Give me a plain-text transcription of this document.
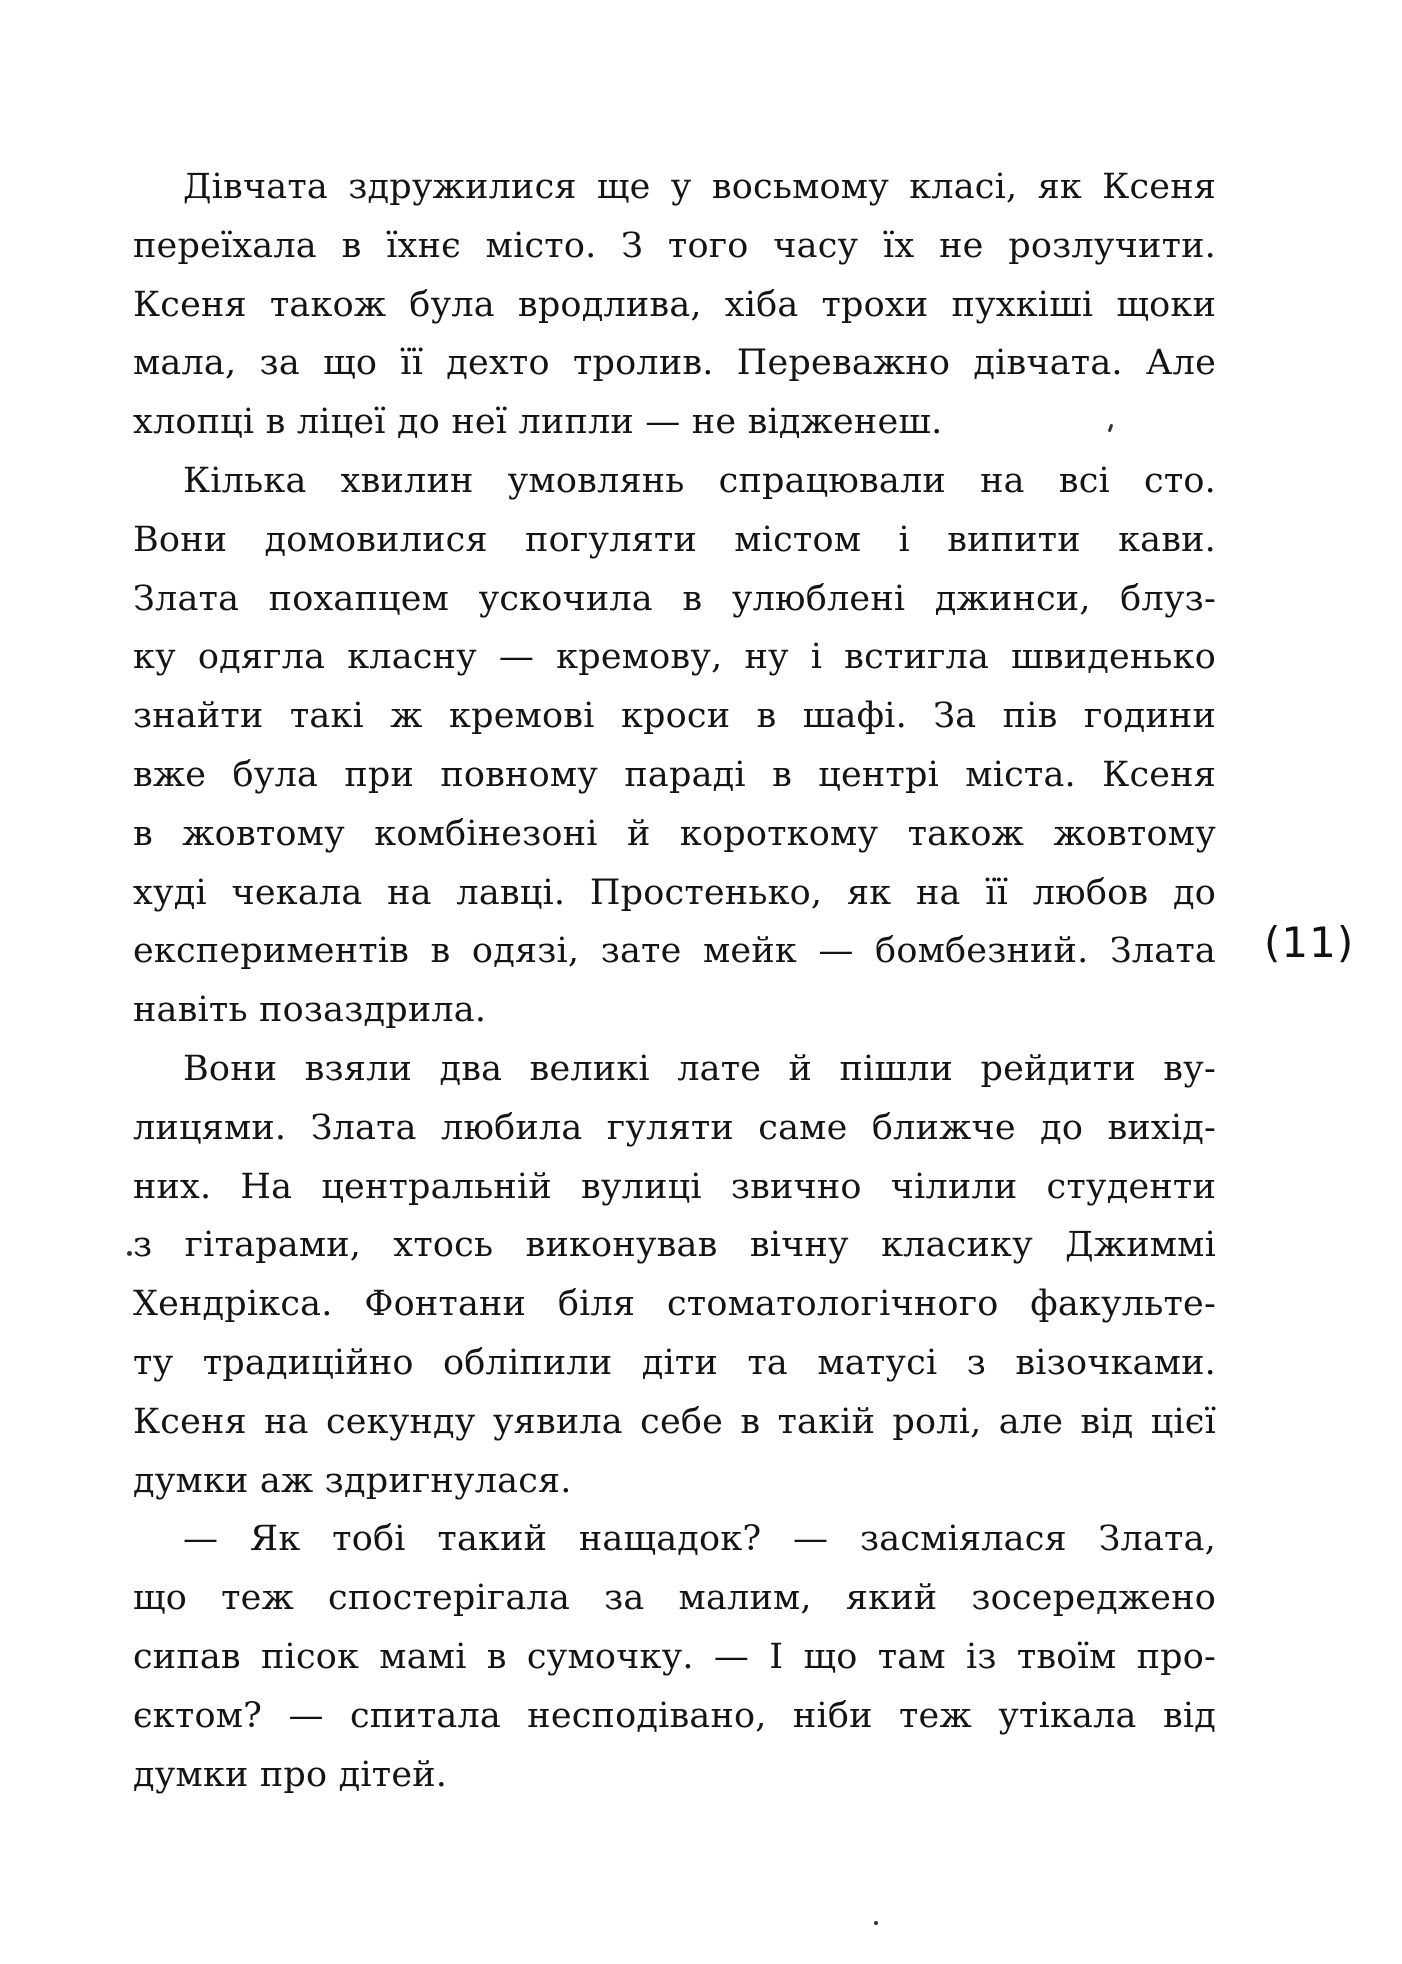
Дівчата здружилися ще у восьмому класі, як Ксеня
переїхала в їхнє місто. З того часу їх не розлучити.
Ксеня також була вродлива, хіба трохи пухкіші щоки
мала, за що її дехто тролив. Переважно дівчата. Але
хлопці в ліцеї до неї липли — не відженеш.

Кілька хвилин умовлянь спрацювали на всі сто.
Вони домовилися погуляти містом і випити кави.
Злата похапцем ускочила в улюблені джинси, блуз-
ку одягла класну — кремову, ну і встигла швиденько
знайти такі ж кремові кроси в шафі. За пів години
вже була при повному параді в центрі міста. Ксеня
в жовтому комбінезоні й короткому також жовтому
худі чекала на лавці. Простенько, як на її любов до
експериментів в одязі, зате мейк — бомбезний. Злата
навіть позаздрила.

Вони взяли два великі лате й пішли рейдити ву-
лицями. Злата любила гуляти саме ближче до вихід-
них. На центральній вулиці звично чілили студенти
з гітарами, хтось виконував вічну класику Джиммі
Хендрікса. Фонтани біля стоматологічного факульте-
ту традиційно обліпили діти та матусі з візочками.
Ксеня на секунду уявила себе в такій ролі, але від цієї
думки аж здригнулася.

— Як тобі такий нащадок? — засміялася Злата,
що теж спостерігала за малим, який зосереджено
сипав пісок мамі в сумочку. — І що там із твоїм про-
єктом? — спитала несподівано, ніби теж утікала від
думки про дітей.

(11)
